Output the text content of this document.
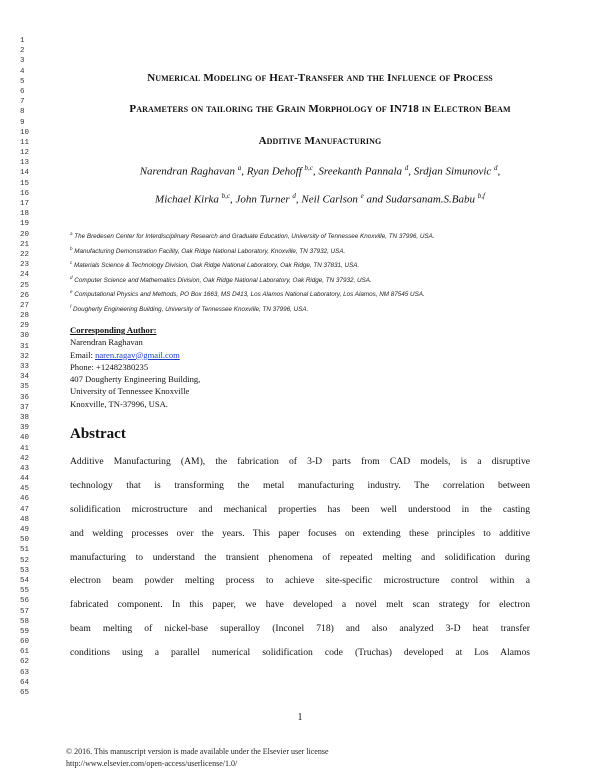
1
2
3
4
5
6
7
8
9
10
11
12
13
14
15
16
17
18
19
20
21
22
23
24
25
26
27
28
29
30
31
32
33
34
35
36
37
38
39
40
41
42
43
44
45
46
47
48
49
50
51
52
53
54
55
56
57
58
59
60
61
62
63
64
65
Numerical Modeling of Heat-Transfer and the Influence of Process
Parameters on tailoring the Grain Morphology of IN718 in Electron Beam
Additive Manufacturing
Narendran Raghavan $^a$, Ryan Dehoff $^{b,c}$, Sreekanth Pannala $^d$, Srdjan Simunovic $^d$,
Michael Kirka $^{b,c}$, John Turner $^d$, Neil Carlson $^e$ and Sudarsanam.S.Babu $^{b,f}$
$^a$ The Bredesen Center for Interdisciplinary Research and Graduate Education, University of Tennessee Knoxville, TN 37996, USA.
$^b$ Manufacturing Demonstration Facility, Oak Ridge National Laboratory, Knoxville, TN 37932, USA.
$^c$ Materials Science & Technology Division, Oak Ridge National Laboratory, Oak Ridge, TN 37831, USA.
$^d$ Computer Science and Mathematics Division, Oak Ridge National Laboratory, Oak Ridge, TN 37932, USA.
$^e$ Computational Physics and Methods, PO Box 1663, MS D413, Los Alamos National Laboratory, Los Alamos, NM 87545 USA.
$^f$ Dougherty Engineering Building, University of Tennessee Knoxville, TN 37996, USA.
Corresponding Author:
Narendran Raghavan
Email: naren.ragav@gmail.com
Phone: +12482380235
407 Dougherty Engineering Building,
University of Tennessee Knoxville
Knoxville, TN-37996, USA.
Abstract
Additive Manufacturing (AM), the fabrication of 3-D parts from CAD models, is a disruptive
technology that is transforming the metal manufacturing industry. The correlation between
solidification microstructure and mechanical properties has been well understood in the casting
and welding processes over the years. This paper focuses on extending these principles to additive
manufacturing to understand the transient phenomena of repeated melting and solidification during
electron beam powder melting process to achieve site-specific microstructure control within a
fabricated component. In this paper, we have developed a novel melt scan strategy for electron
beam melting of nickel-base superalloy (Inconel 718) and also analyzed 3-D heat transfer
conditions using a parallel numerical solidification code (Truchas) developed at Los Alamos
1
© 2016. This manuscript version is made available under the Elsevier user license
http://www.elsevier.com/open-access/userlicense/1.0/
